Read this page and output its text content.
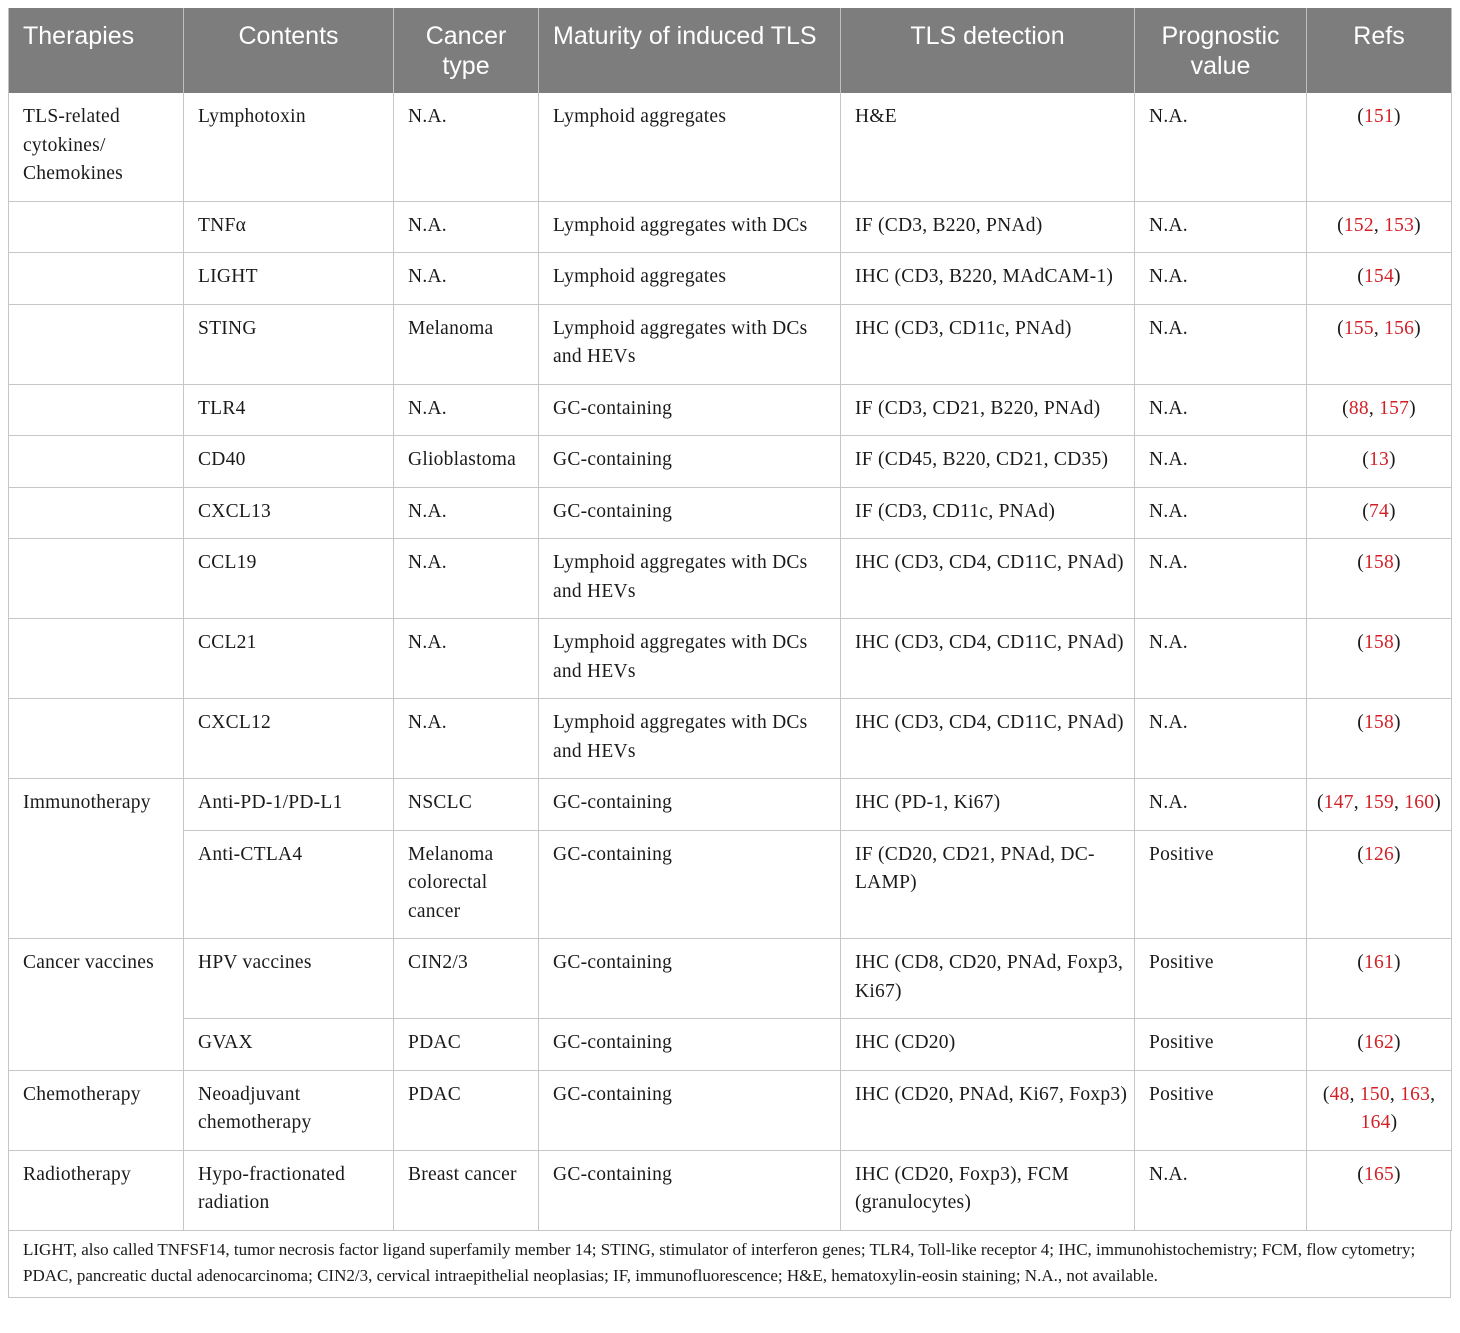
Therapies	Contents	Cancer type	Maturity of induced TLS	TLS detection	Prognostic value	Refs
TLS-related cytokines/ Chemokines	Lymphotoxin	N.A.	Lymphoid aggregates	H&E	N.A.	(151)
	TNFα	N.A.	Lymphoid aggregates with DCs	IF (CD3, B220, PNAd)	N.A.	(152, 153)
	LIGHT	N.A.	Lymphoid aggregates	IHC (CD3, B220, MAdCAM-1)	N.A.	(154)
	STING	Melanoma	Lymphoid aggregates with DCs and HEVs	IHC (CD3, CD11c, PNAd)	N.A.	(155, 156)
	TLR4	N.A.	GC-containing	IF (CD3, CD21, B220, PNAd)	N.A.	(88, 157)
	CD40	Glioblastoma	GC-containing	IF (CD45, B220, CD21, CD35)	N.A.	(13)
	CXCL13	N.A.	GC-containing	IF (CD3, CD11c, PNAd)	N.A.	(74)
	CCL19	N.A.	Lymphoid aggregates with DCs and HEVs	IHC (CD3, CD4, CD11C, PNAd)	N.A.	(158)
	CCL21	N.A.	Lymphoid aggregates with DCs and HEVs	IHC (CD3, CD4, CD11C, PNAd)	N.A.	(158)
	CXCL12	N.A.	Lymphoid aggregates with DCs and HEVs	IHC (CD3, CD4, CD11C, PNAd)	N.A.	(158)
Immunotherapy	Anti-PD-1/PD-L1	NSCLC	GC-containing	IHC (PD-1, Ki67)	N.A.	(147, 159, 160)
	Anti-CTLA4	Melanoma colorectal cancer	GC-containing	IF (CD20, CD21, PNAd, DC-LAMP)	Positive	(126)
Cancer vaccines	HPV vaccines	CIN2/3	GC-containing	IHC (CD8, CD20, PNAd, Foxp3, Ki67)	Positive	(161)
	GVAX	PDAC	GC-containing	IHC (CD20)	Positive	(162)
Chemotherapy	Neoadjuvant chemotherapy	PDAC	GC-containing	IHC (CD20, PNAd, Ki67, Foxp3)	Positive	(48, 150, 163, 164)
Radiotherapy	Hypo-fractionated radiation	Breast cancer	GC-containing	IHC (CD20, Foxp3), FCM (granulocytes)	N.A.	(165)
LIGHT, also called TNFSF14, tumor necrosis factor ligand superfamily member 14; STING, stimulator of interferon genes; TLR4, Toll-like receptor 4; IHC, immunohistochemistry; FCM, flow cytometry; PDAC, pancreatic ductal adenocarcinoma; CIN2/3, cervical intraepithelial neoplasias; IF, immunofluorescence; H&E, hematoxylin-eosin staining; N.A., not available.
